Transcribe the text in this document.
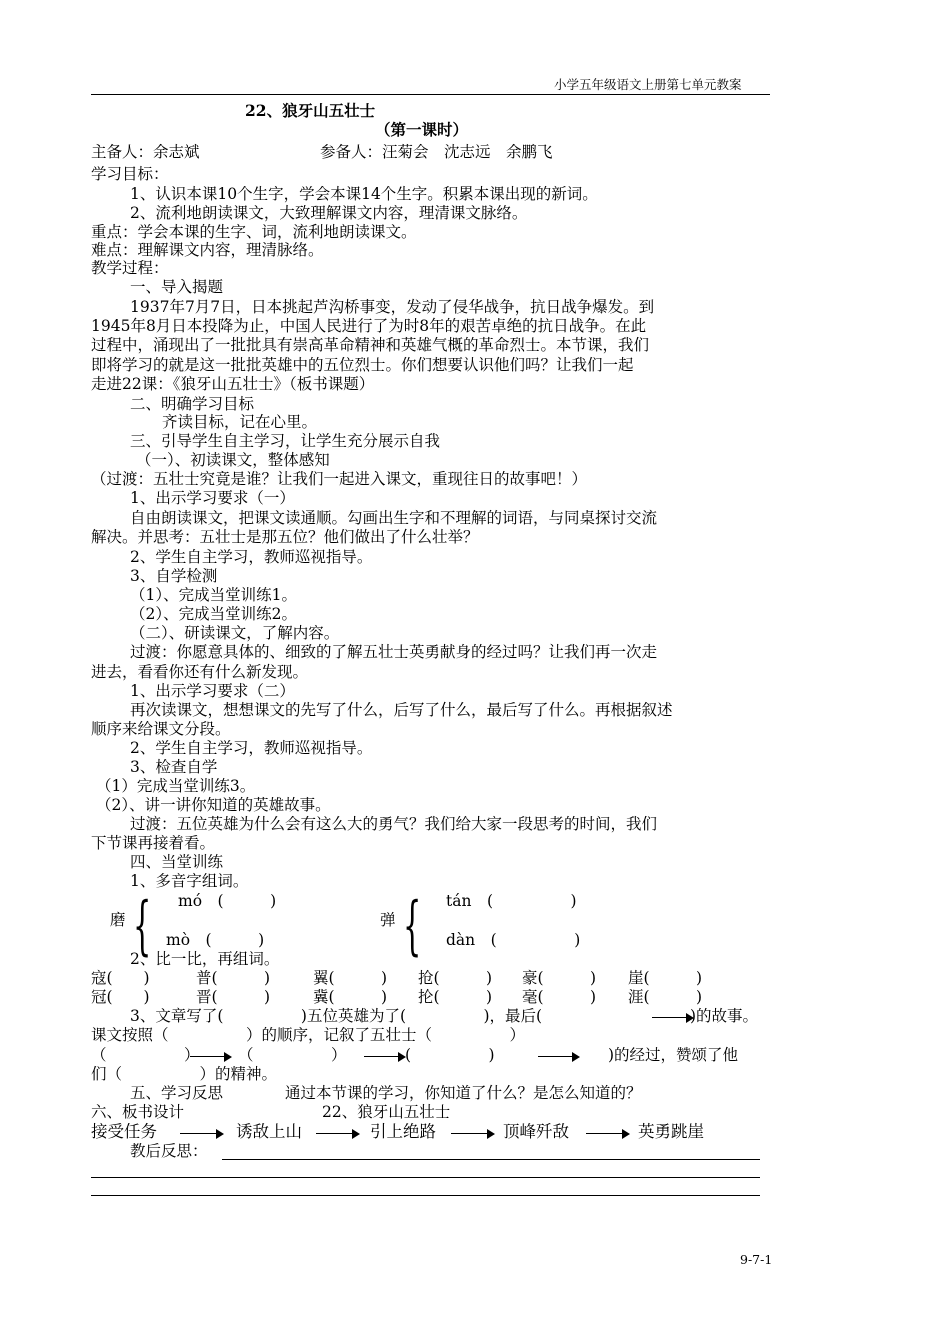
小学五年级语文上册第七单元教案
22、狼牙山五壮士
（第一课时）
主备人：余志斌	参备人：汪菊会　沈志远　余鹏飞
学习目标：
1、认识本课10个生字，学会本课14个生字。积累本课出现的新词。
2、流利地朗读课文，大致理解课文内容，理清课文脉络。
重点：学会本课的生字、词，流利地朗读课文。
难点：理解课文内容，理清脉络。
教学过程：
一、导入揭题
1937年7月7日，日本挑起芦沟桥事变，发动了侵华战争，抗日战争爆发。到
1945年8月日本投降为止，中国人民进行了为时8年的艰苦卓绝的抗日战争。在此
过程中，涌现出了一批批具有崇高革命精神和英雄气概的革命烈士。本节课，我们
即将学习的就是这一批批英雄中的五位烈士。你们想要认识他们吗？让我们一起
走进22课：《狼牙山五壮士》（板书课题）
二、明确学习目标
齐读目标，记在心里。
三、引导学生自主学习，让学生充分展示自我
（一）、初读课文，整体感知
（过渡：五壮士究竟是谁？让我们一起进入课文，重现往日的故事吧！）
1、出示学习要求（一）
自由朗读课文，把课文读通顺。勾画出生字和不理解的词语，与同桌探讨交流
解决。并思考：五壮士是那五位？他们做出了什么壮举？
2、学生自主学习，教师巡视指导。
3、自学检测
（1）、完成当堂训练1。
（2）、完成当堂训练2。
（二）、研读课文，了解内容。
过渡：你愿意具体的、细致的了解五壮士英勇献身的经过吗？让我们再一次走
进去，看看你还有什么新发现。
1、出示学习要求（二）
再次读课文，想想课文的先写了什么，后写了什么，最后写了什么。再根据叙述
顺序来给课文分段。
2、学生自主学习，教师巡视指导。
3、检查自学
（1）完成当堂训练3。
（2）、讲一讲你知道的英雄故事。
过渡：五位英雄为什么会有这么大的勇气？我们给大家一段思考的时间，我们
下节课再接着看。
四、当堂训练
1、多音字组词。
磨 { mó　(　　　)
mò　(　　　)
弹 { tán　(　　　　　)
dàn　(　　　　　)
2、比一比，再组词。
寇(　　)	普(　　　)	翼(　　　) 抢(　　　) 豪(　　　) 崖(　　　)
冠(　　)	晋(　　　)	冀(　　　) 抡(　　　) 毫(　　　) 涯(　　　)
3、文章写了(　　　　　)五位英雄为了(　　　　　)，最后(	)的故事。
课文按照（　　　　　）的顺序，记叙了五壮士（　　　　　）
（　　　　　） （　　　　　）	(　　　　　)	)的经过，赞颂了他
们（　　　　　）的精神。
五、学习反思	通过本节课的学习，你知道了什么？是怎么知道的？
六、板书设计	22、狼牙山五壮士
接受任务	诱敌上山	引上绝路	顶峰歼敌	英勇跳崖
教后反思：
9-7-1
